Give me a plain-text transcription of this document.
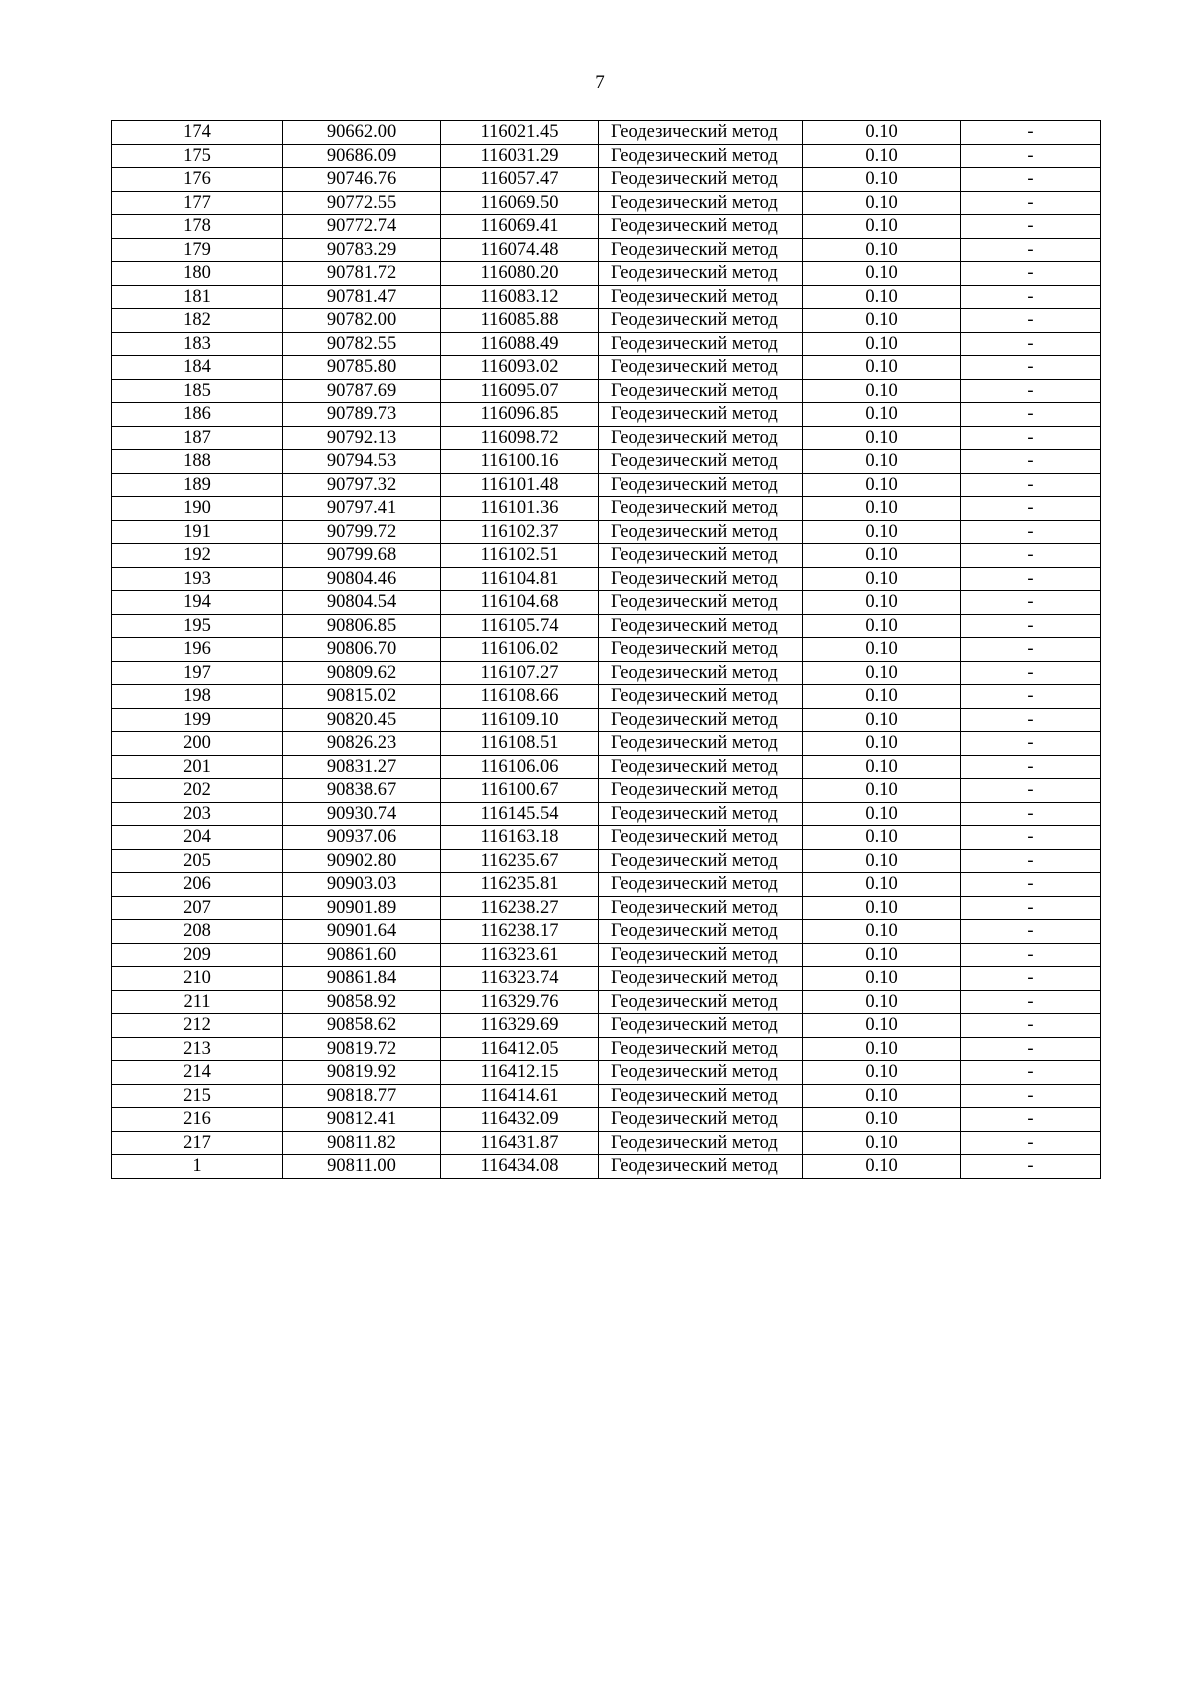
7
174	90662.00	116021.45	Геодезический метод	0.10	-
175	90686.09	116031.29	Геодезический метод	0.10	-
176	90746.76	116057.47	Геодезический метод	0.10	-
177	90772.55	116069.50	Геодезический метод	0.10	-
178	90772.74	116069.41	Геодезический метод	0.10	-
179	90783.29	116074.48	Геодезический метод	0.10	-
180	90781.72	116080.20	Геодезический метод	0.10	-
181	90781.47	116083.12	Геодезический метод	0.10	-
182	90782.00	116085.88	Геодезический метод	0.10	-
183	90782.55	116088.49	Геодезический метод	0.10	-
184	90785.80	116093.02	Геодезический метод	0.10	-
185	90787.69	116095.07	Геодезический метод	0.10	-
186	90789.73	116096.85	Геодезический метод	0.10	-
187	90792.13	116098.72	Геодезический метод	0.10	-
188	90794.53	116100.16	Геодезический метод	0.10	-
189	90797.32	116101.48	Геодезический метод	0.10	-
190	90797.41	116101.36	Геодезический метод	0.10	-
191	90799.72	116102.37	Геодезический метод	0.10	-
192	90799.68	116102.51	Геодезический метод	0.10	-
193	90804.46	116104.81	Геодезический метод	0.10	-
194	90804.54	116104.68	Геодезический метод	0.10	-
195	90806.85	116105.74	Геодезический метод	0.10	-
196	90806.70	116106.02	Геодезический метод	0.10	-
197	90809.62	116107.27	Геодезический метод	0.10	-
198	90815.02	116108.66	Геодезический метод	0.10	-
199	90820.45	116109.10	Геодезический метод	0.10	-
200	90826.23	116108.51	Геодезический метод	0.10	-
201	90831.27	116106.06	Геодезический метод	0.10	-
202	90838.67	116100.67	Геодезический метод	0.10	-
203	90930.74	116145.54	Геодезический метод	0.10	-
204	90937.06	116163.18	Геодезический метод	0.10	-
205	90902.80	116235.67	Геодезический метод	0.10	-
206	90903.03	116235.81	Геодезический метод	0.10	-
207	90901.89	116238.27	Геодезический метод	0.10	-
208	90901.64	116238.17	Геодезический метод	0.10	-
209	90861.60	116323.61	Геодезический метод	0.10	-
210	90861.84	116323.74	Геодезический метод	0.10	-
211	90858.92	116329.76	Геодезический метод	0.10	-
212	90858.62	116329.69	Геодезический метод	0.10	-
213	90819.72	116412.05	Геодезический метод	0.10	-
214	90819.92	116412.15	Геодезический метод	0.10	-
215	90818.77	116414.61	Геодезический метод	0.10	-
216	90812.41	116432.09	Геодезический метод	0.10	-
217	90811.82	116431.87	Геодезический метод	0.10	-
1	90811.00	116434.08	Геодезический метод	0.10	-
